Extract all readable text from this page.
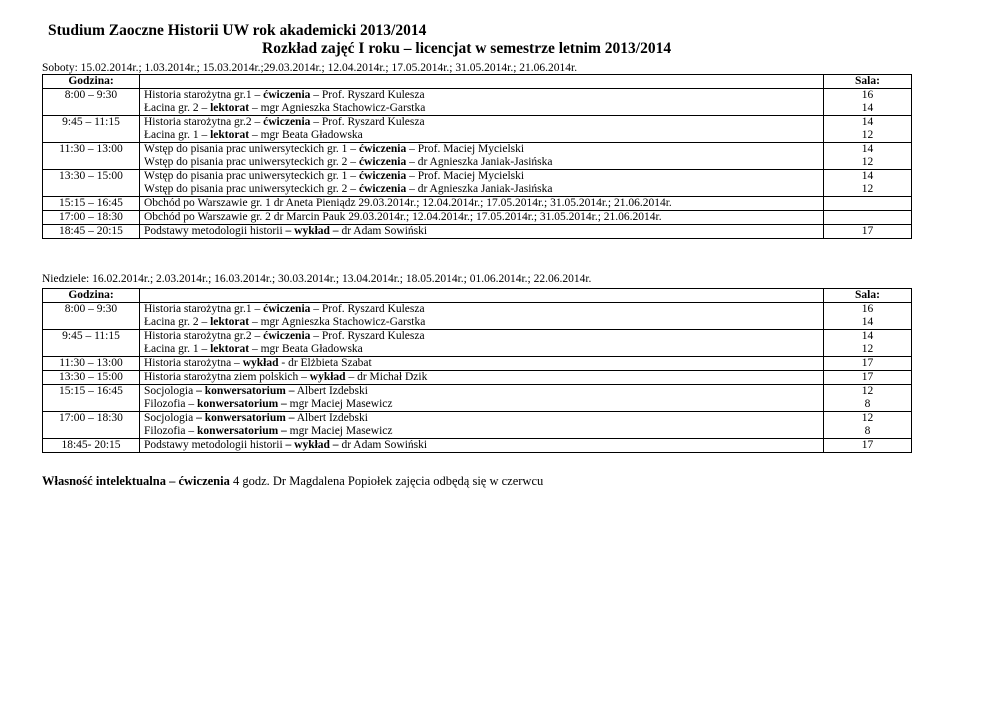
Studium Zaoczne Historii UW rok akademicki 2013/2014
Rozkład zajęć I roku – licencjat w semestrze letnim 2013/2014
Soboty: 15.02.2014r.; 1.03.2014r.; 15.03.2014r.;29.03.2014r.; 12.04.2014r.; 17.05.2014r.; 31.05.2014r.; 21.06.2014r.
Godzina:		Sala:
8:00 – 9:30	Historia starożytna gr.1 – ćwiczenia – Prof. Ryszard Kulesza	16
	Łacina gr. 2 – lektorat – mgr Agnieszka Stachowicz-Garstka	14
9:45 – 11:15	Historia starożytna gr.2 – ćwiczenia – Prof. Ryszard Kulesza	14
	Łacina gr. 1 – lektorat – mgr Beata Gładowska	12
11:30 – 13:00	Wstęp do pisania prac uniwersyteckich gr. 1 – ćwiczenia – Prof. Maciej Mycielski	14
	Wstęp do pisania prac uniwersyteckich gr. 2 – ćwiczenia – dr Agnieszka Janiak-Jasińska	12
13:30 – 15:00	Wstęp do pisania prac uniwersyteckich gr. 1 – ćwiczenia – Prof. Maciej Mycielski	14
	Wstęp do pisania prac uniwersyteckich gr. 2 – ćwiczenia – dr Agnieszka Janiak-Jasińska	12
15:15 – 16:45	Obchód po Warszawie gr. 1 dr Aneta Pieniądz 29.03.2014r.; 12.04.2014r.; 17.05.2014r.; 31.05.2014r.; 21.06.2014r.	
17:00 – 18:30	Obchód po Warszawie gr. 2 dr Marcin Pauk 29.03.2014r.; 12.04.2014r.; 17.05.2014r.; 31.05.2014r.; 21.06.2014r.	
18:45 – 20:15	Podstawy metodologii historii – wykład – dr Adam Sowiński	17
Niedziele: 16.02.2014r.; 2.03.2014r.; 16.03.2014r.; 30.03.2014r.; 13.04.2014r.; 18.05.2014r.; 01.06.2014r.; 22.06.2014r.
Godzina:		Sala:
8:00 – 9:30	Historia starożytna gr.1 – ćwiczenia – Prof. Ryszard Kulesza	16
	Łacina gr. 2 – lektorat – mgr Agnieszka Stachowicz-Garstka	14
9:45 – 11:15	Historia starożytna gr.2 – ćwiczenia – Prof. Ryszard Kulesza	14
	Łacina gr. 1 – lektorat – mgr Beata Gładowska	12
11:30 – 13:00	Historia starożytna – wykład - dr Elżbieta Szabat	17
13:30 – 15:00	Historia starożytna ziem polskich – wykład – dr Michał Dzik	17
15:15 – 16:45	Socjologia – konwersatorium – Albert Izdebski	12
	Filozofia – konwersatorium – mgr Maciej Masewicz	8
17:00 – 18:30	Socjologia – konwersatorium – Albert Izdebski	12
	Filozofia – konwersatorium – mgr Maciej Masewicz	8
18:45- 20:15	Podstawy metodologii historii – wykład – dr Adam Sowiński	17
Własność intelektualna – ćwiczenia 4 godz. Dr Magdalena Popiołek zajęcia odbędą się w czerwcu
